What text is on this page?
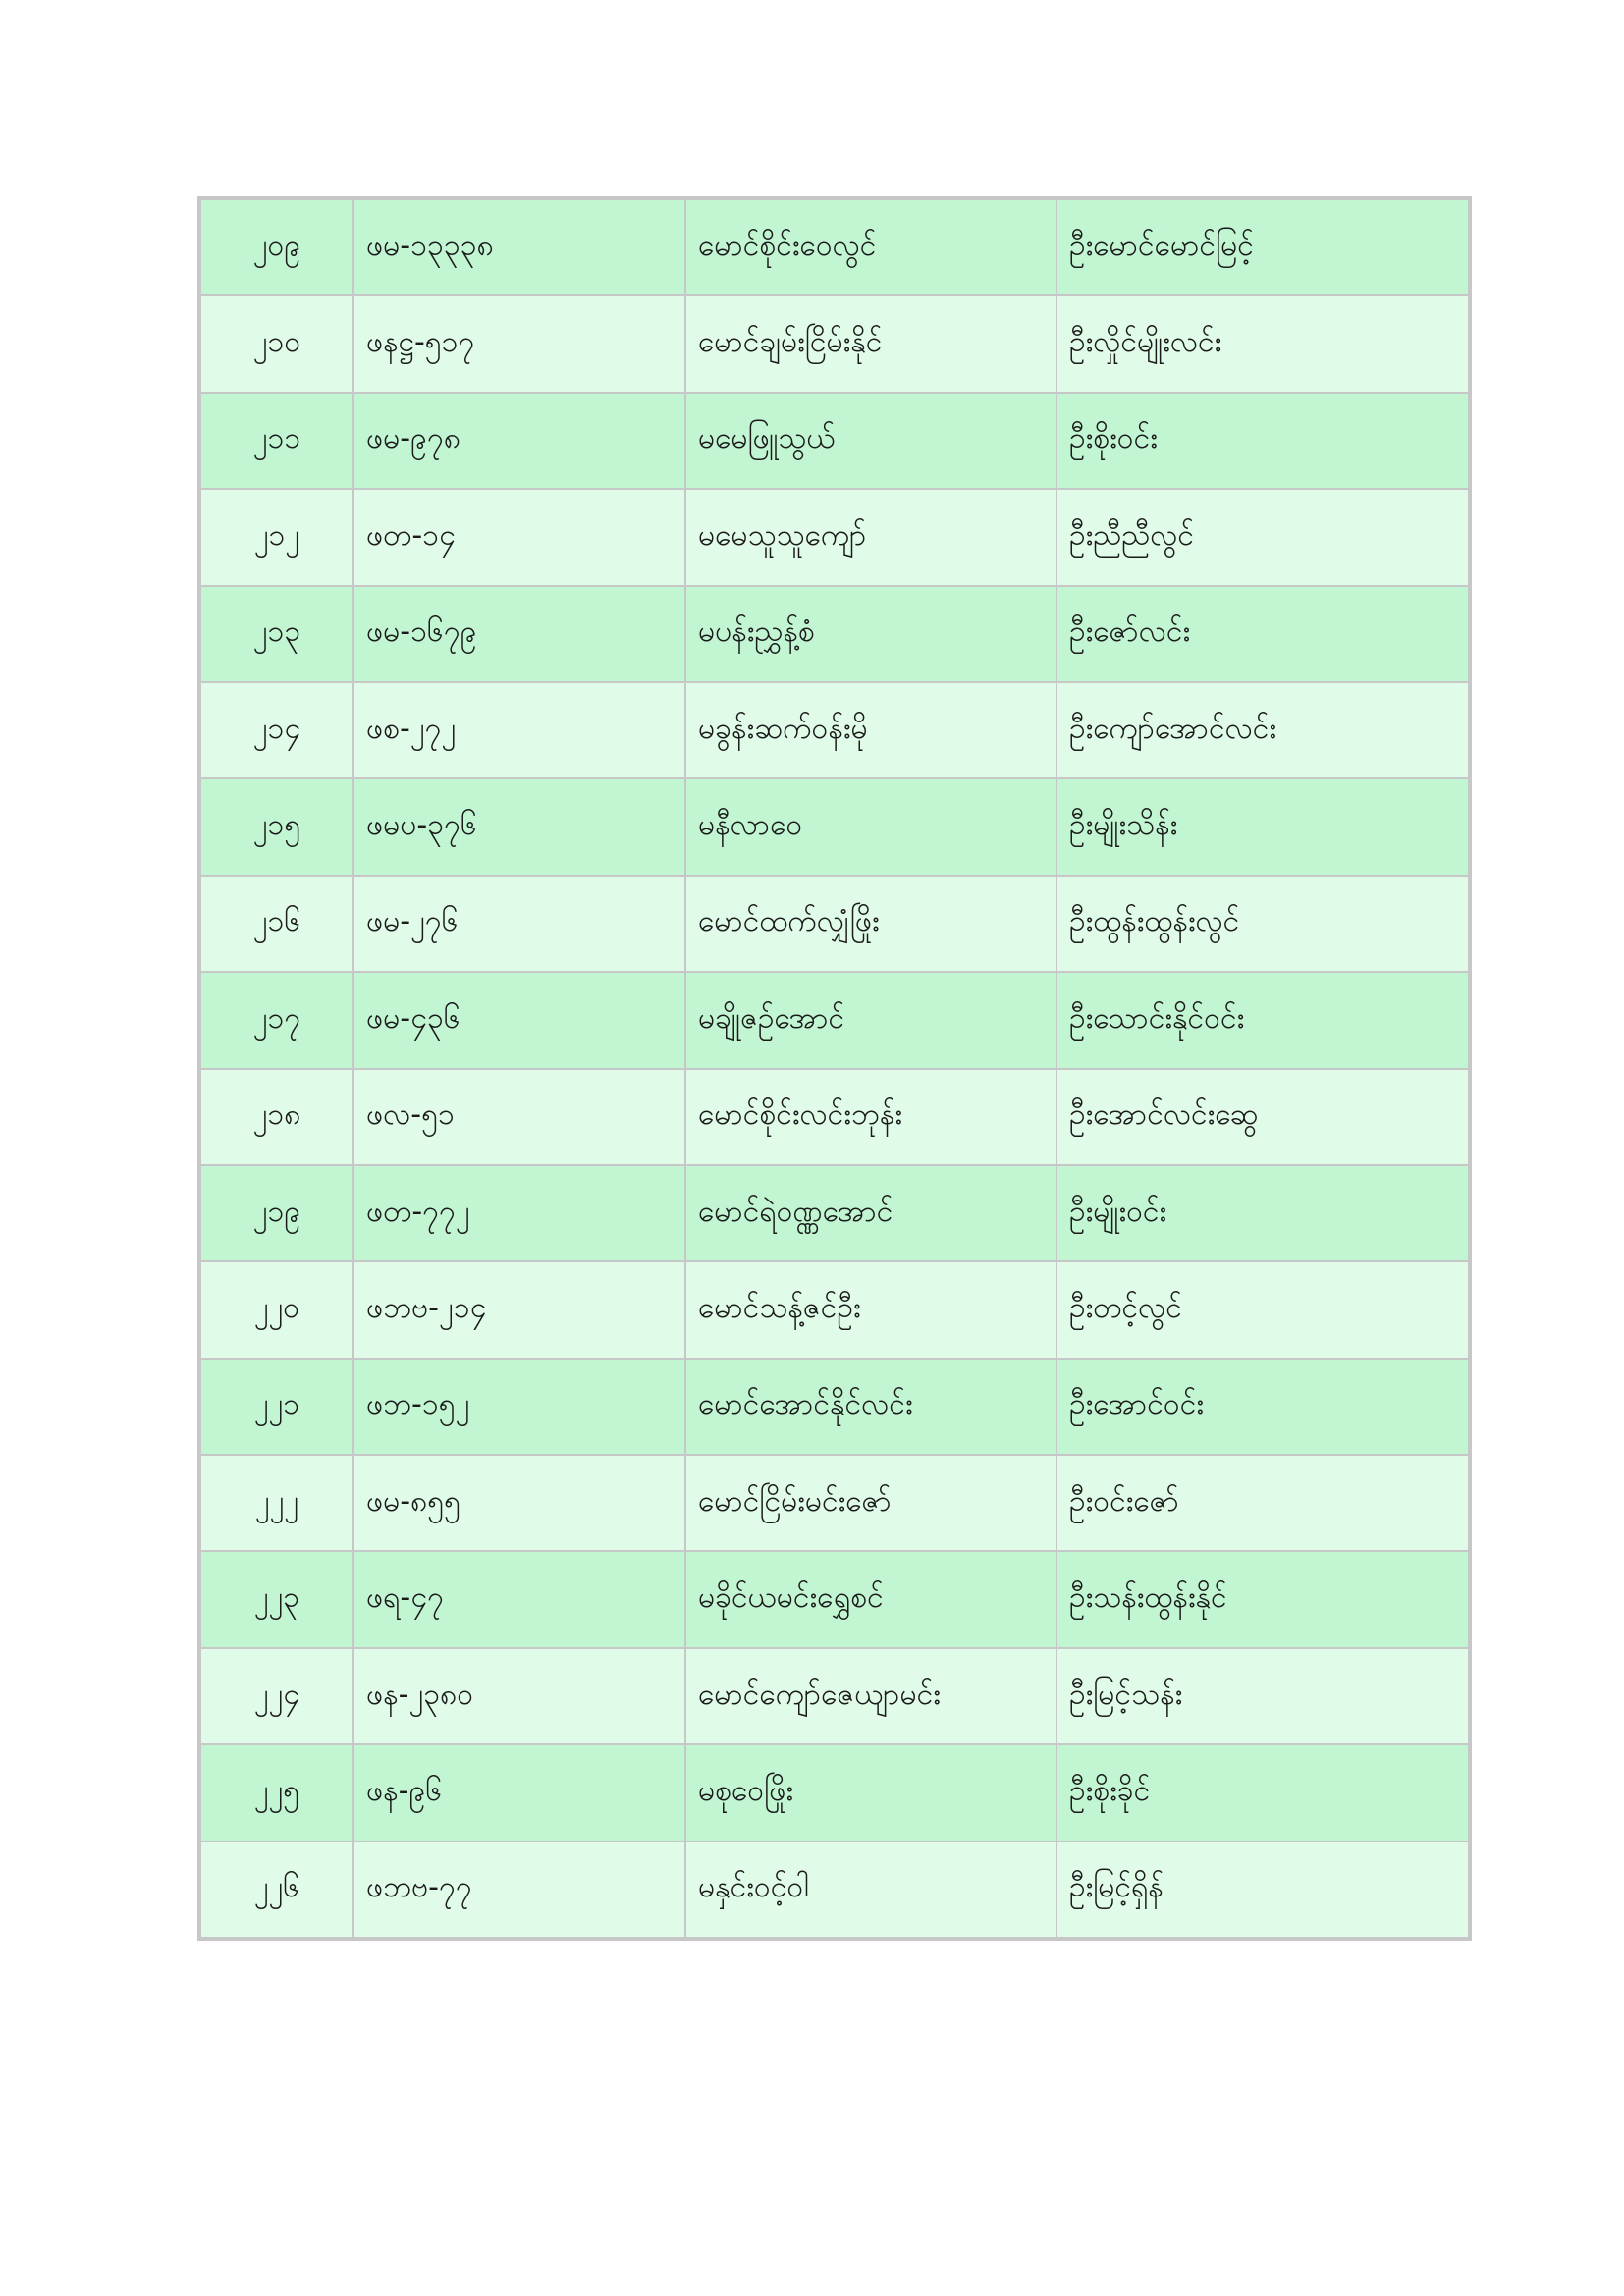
၂၀၉	ဖမ-၁၃၃၃၈	မောင်စိုင်းဝေလွင်	ဦးမောင်မောင်မြင့်
၂၁၀	ဖနဋ္ဌ-၅၁၇	မောင်ချမ်းငြိမ်းနိုင်	ဦးလှိုင်မျိုးလင်း
၂၁၁	ဖမ-၉၇၈	မမေဖြူသွယ်	ဦးစိုးဝင်း
၂၁၂	ဖတ-၁၄	မမေသူသူကျော်	ဦးညီညီလွင်
၂၁၃	ဖမ-၁၆၇၉	မပန်းညွှန့်စံ	ဦးဇော်လင်း
၂၁၄	ဖစ-၂၇၂	မခွန်းဆက်ဝန်းမို	ဦးကျော်အောင်လင်း
၂၁၅	ဖမပ-၃၇၆	မနီလာဝေ	ဦးမျိုးသိန်း
၂၁၆	ဖမ-၂၇၆	မောင်ထက်လျှံဖြိုး	ဦးထွန်းထွန်းလွင်
၂၁၇	ဖမ-၄၃၆	မချိုဇဥ်အောင်	ဦးသောင်းနိုင်ဝင်း
၂၁၈	ဖလ-၅၁	မောင်စိုင်းလင်းဘုန်း	ဦးအောင်လင်းဆွေ
၂၁၉	ဖတ-၇၇၂	မောင်ရဲဝဏ္ဏအောင်	ဦးမျိုးဝင်း
၂၂၀	ဖဘဗ-၂၁၄	မောင်သန့်ဇင်ဦး	ဦးတင့်လွင်
၂၂၁	ဖဘ-၁၅၂	မောင်အောင်နိုင်လင်း	ဦးအောင်ဝင်း
၂၂၂	ဖမ-၈၅၅	မောင်ငြိမ်းမင်းဇော်	ဦးဝင်းဇော်
၂၂၃	ဖရ-၄၇	မခိုင်ယမင်းရွှေစင်	ဦးသန်းထွန်းနိုင်
၂၂၄	ဖန-၂၃၈၀	မောင်ကျော်ဇေယျာမင်း	ဦးမြင့်သန်း
၂၂၅	ဖန-၉၆	မစုဝေဖြိုး	ဦးစိုးခိုင်
၂၂၆	ဖဘဗ-၇၇	မနှင်းဝင့်ဝါ	ဦးမြင့်ရှိန်
